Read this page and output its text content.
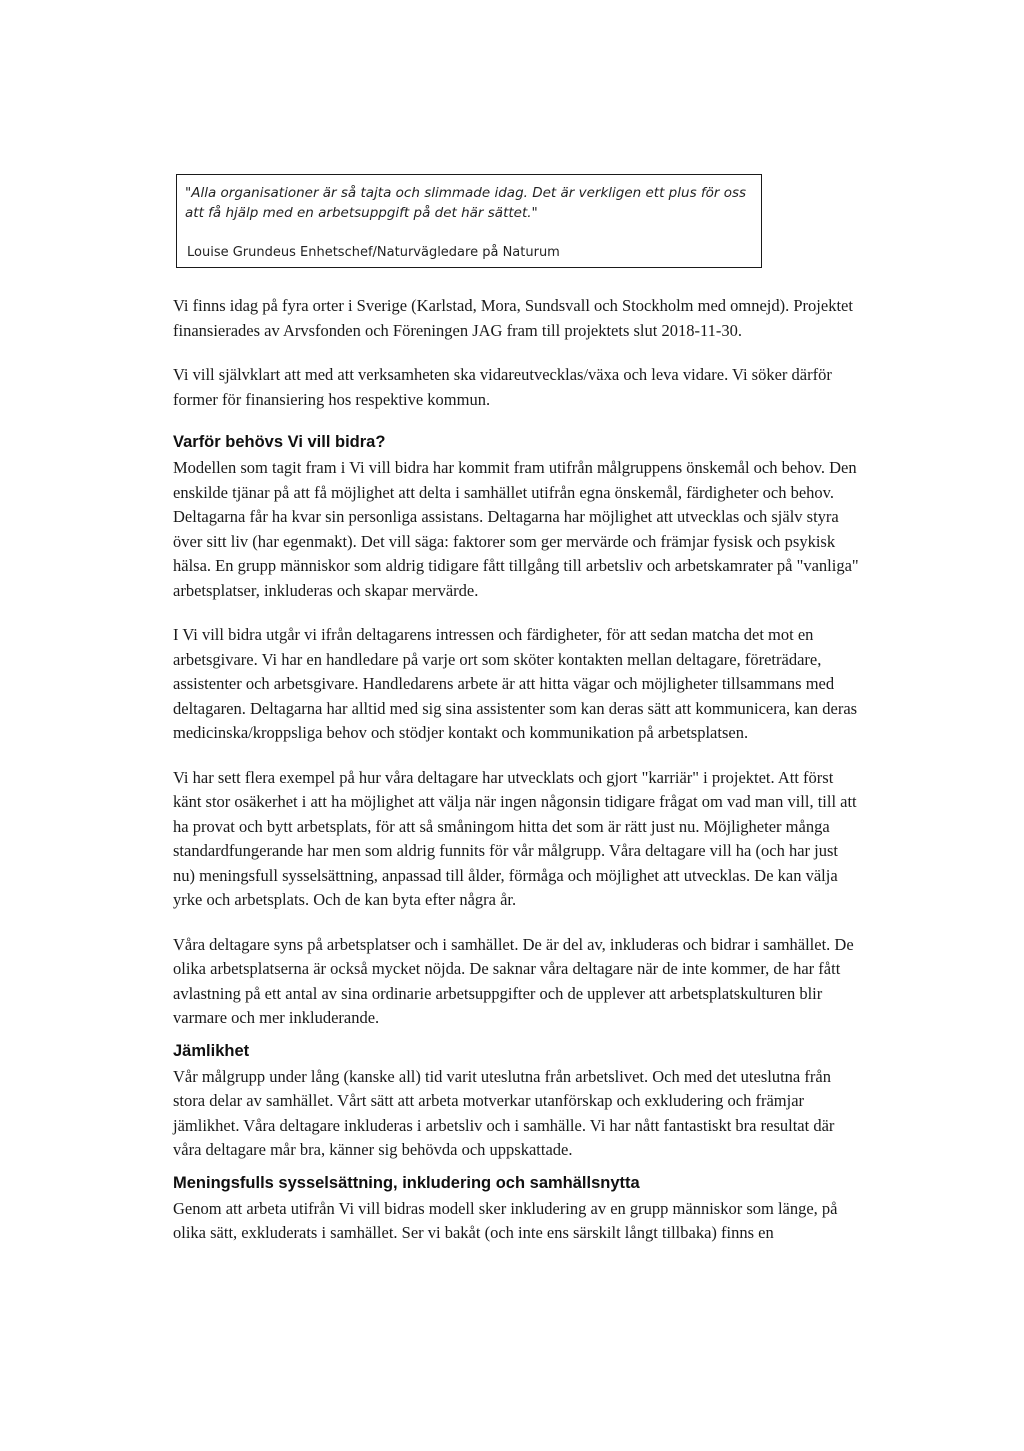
"Alla organisationer är så tajta och slimmade idag. Det är verkligen ett plus för oss att få hjälp med en arbetsuppgift på det här sättet."

Louise Grundeus Enhetschef/Naturvägledare på Naturum

Vi finns idag på fyra orter i Sverige (Karlstad, Mora, Sundsvall och Stockholm med omnejd). Projektet finansierades av Arvsfonden och Föreningen JAG fram till projektets slut 2018-11-30.

Vi vill självklart att med att verksamheten ska vidareutvecklas/växa och leva vidare. Vi söker därför former för finansiering hos respektive kommun.

Varför behövs Vi vill bidra?

Modellen som tagit fram i Vi vill bidra har kommit fram utifrån målgruppens önskemål och behov. Den enskilde tjänar på att få möjlighet att delta i samhället utifrån egna önskemål, färdigheter och behov. Deltagarna får ha kvar sin personliga assistans. Deltagarna har möjlighet att utvecklas och själv styra över sitt liv (har egenmakt). Det vill säga: faktorer som ger mervärde och främjar fysisk och psykisk hälsa. En grupp människor som aldrig tidigare fått tillgång till arbetsliv och arbetskamrater på "vanliga" arbetsplatser, inkluderas och skapar mervärde.

I Vi vill bidra utgår vi ifrån deltagarens intressen och färdigheter, för att sedan matcha det mot en arbetsgivare. Vi har en handledare på varje ort som sköter kontakten mellan deltagare, företrädare, assistenter och arbetsgivare. Handledarens arbete är att hitta vägar och möjligheter tillsammans med deltagaren. Deltagarna har alltid med sig sina assistenter som kan deras sätt att kommunicera, kan deras medicinska/kroppsliga behov och stödjer kontakt och kommunikation på arbetsplatsen.

Vi har sett flera exempel på hur våra deltagare har utvecklats och gjort "karriär" i projektet. Att först känt stor osäkerhet i att ha möjlighet att välja när ingen någonsin tidigare frågat om vad man vill, till att ha provat och bytt arbetsplats, för att så småningom hitta det som är rätt just nu. Möjligheter många standardfungerande har men som aldrig funnits för vår målgrupp. Våra deltagare vill ha (och har just nu) meningsfull sysselsättning, anpassad till ålder, förmåga och möjlighet att utvecklas. De kan välja yrke och arbetsplats. Och de kan byta efter några år.

Våra deltagare syns på arbetsplatser och i samhället. De är del av, inkluderas och bidrar i samhället. De olika arbetsplatserna är också mycket nöjda. De saknar våra deltagare när de inte kommer, de har fått avlastning på ett antal av sina ordinarie arbetsuppgifter och de upplever att arbetsplatskulturen blir varmare och mer inkluderande.

Jämlikhet

Vår målgrupp under lång (kanske all) tid varit uteslutna från arbetslivet. Och med det uteslutna från stora delar av samhället. Vårt sätt att arbeta motverkar utanförskap och exkludering och främjar jämlikhet. Våra deltagare inkluderas i arbetsliv och i samhälle. Vi har nått fantastiskt bra resultat där våra deltagare mår bra, känner sig behövda och uppskattade.

Meningsfulls sysselsättning, inkludering och samhällsnytta

Genom att arbeta utifrån Vi vill bidras modell sker inkludering av en grupp människor som länge, på olika sätt, exkluderats i samhället. Ser vi bakåt (och inte ens särskilt långt tillbaka) finns en
